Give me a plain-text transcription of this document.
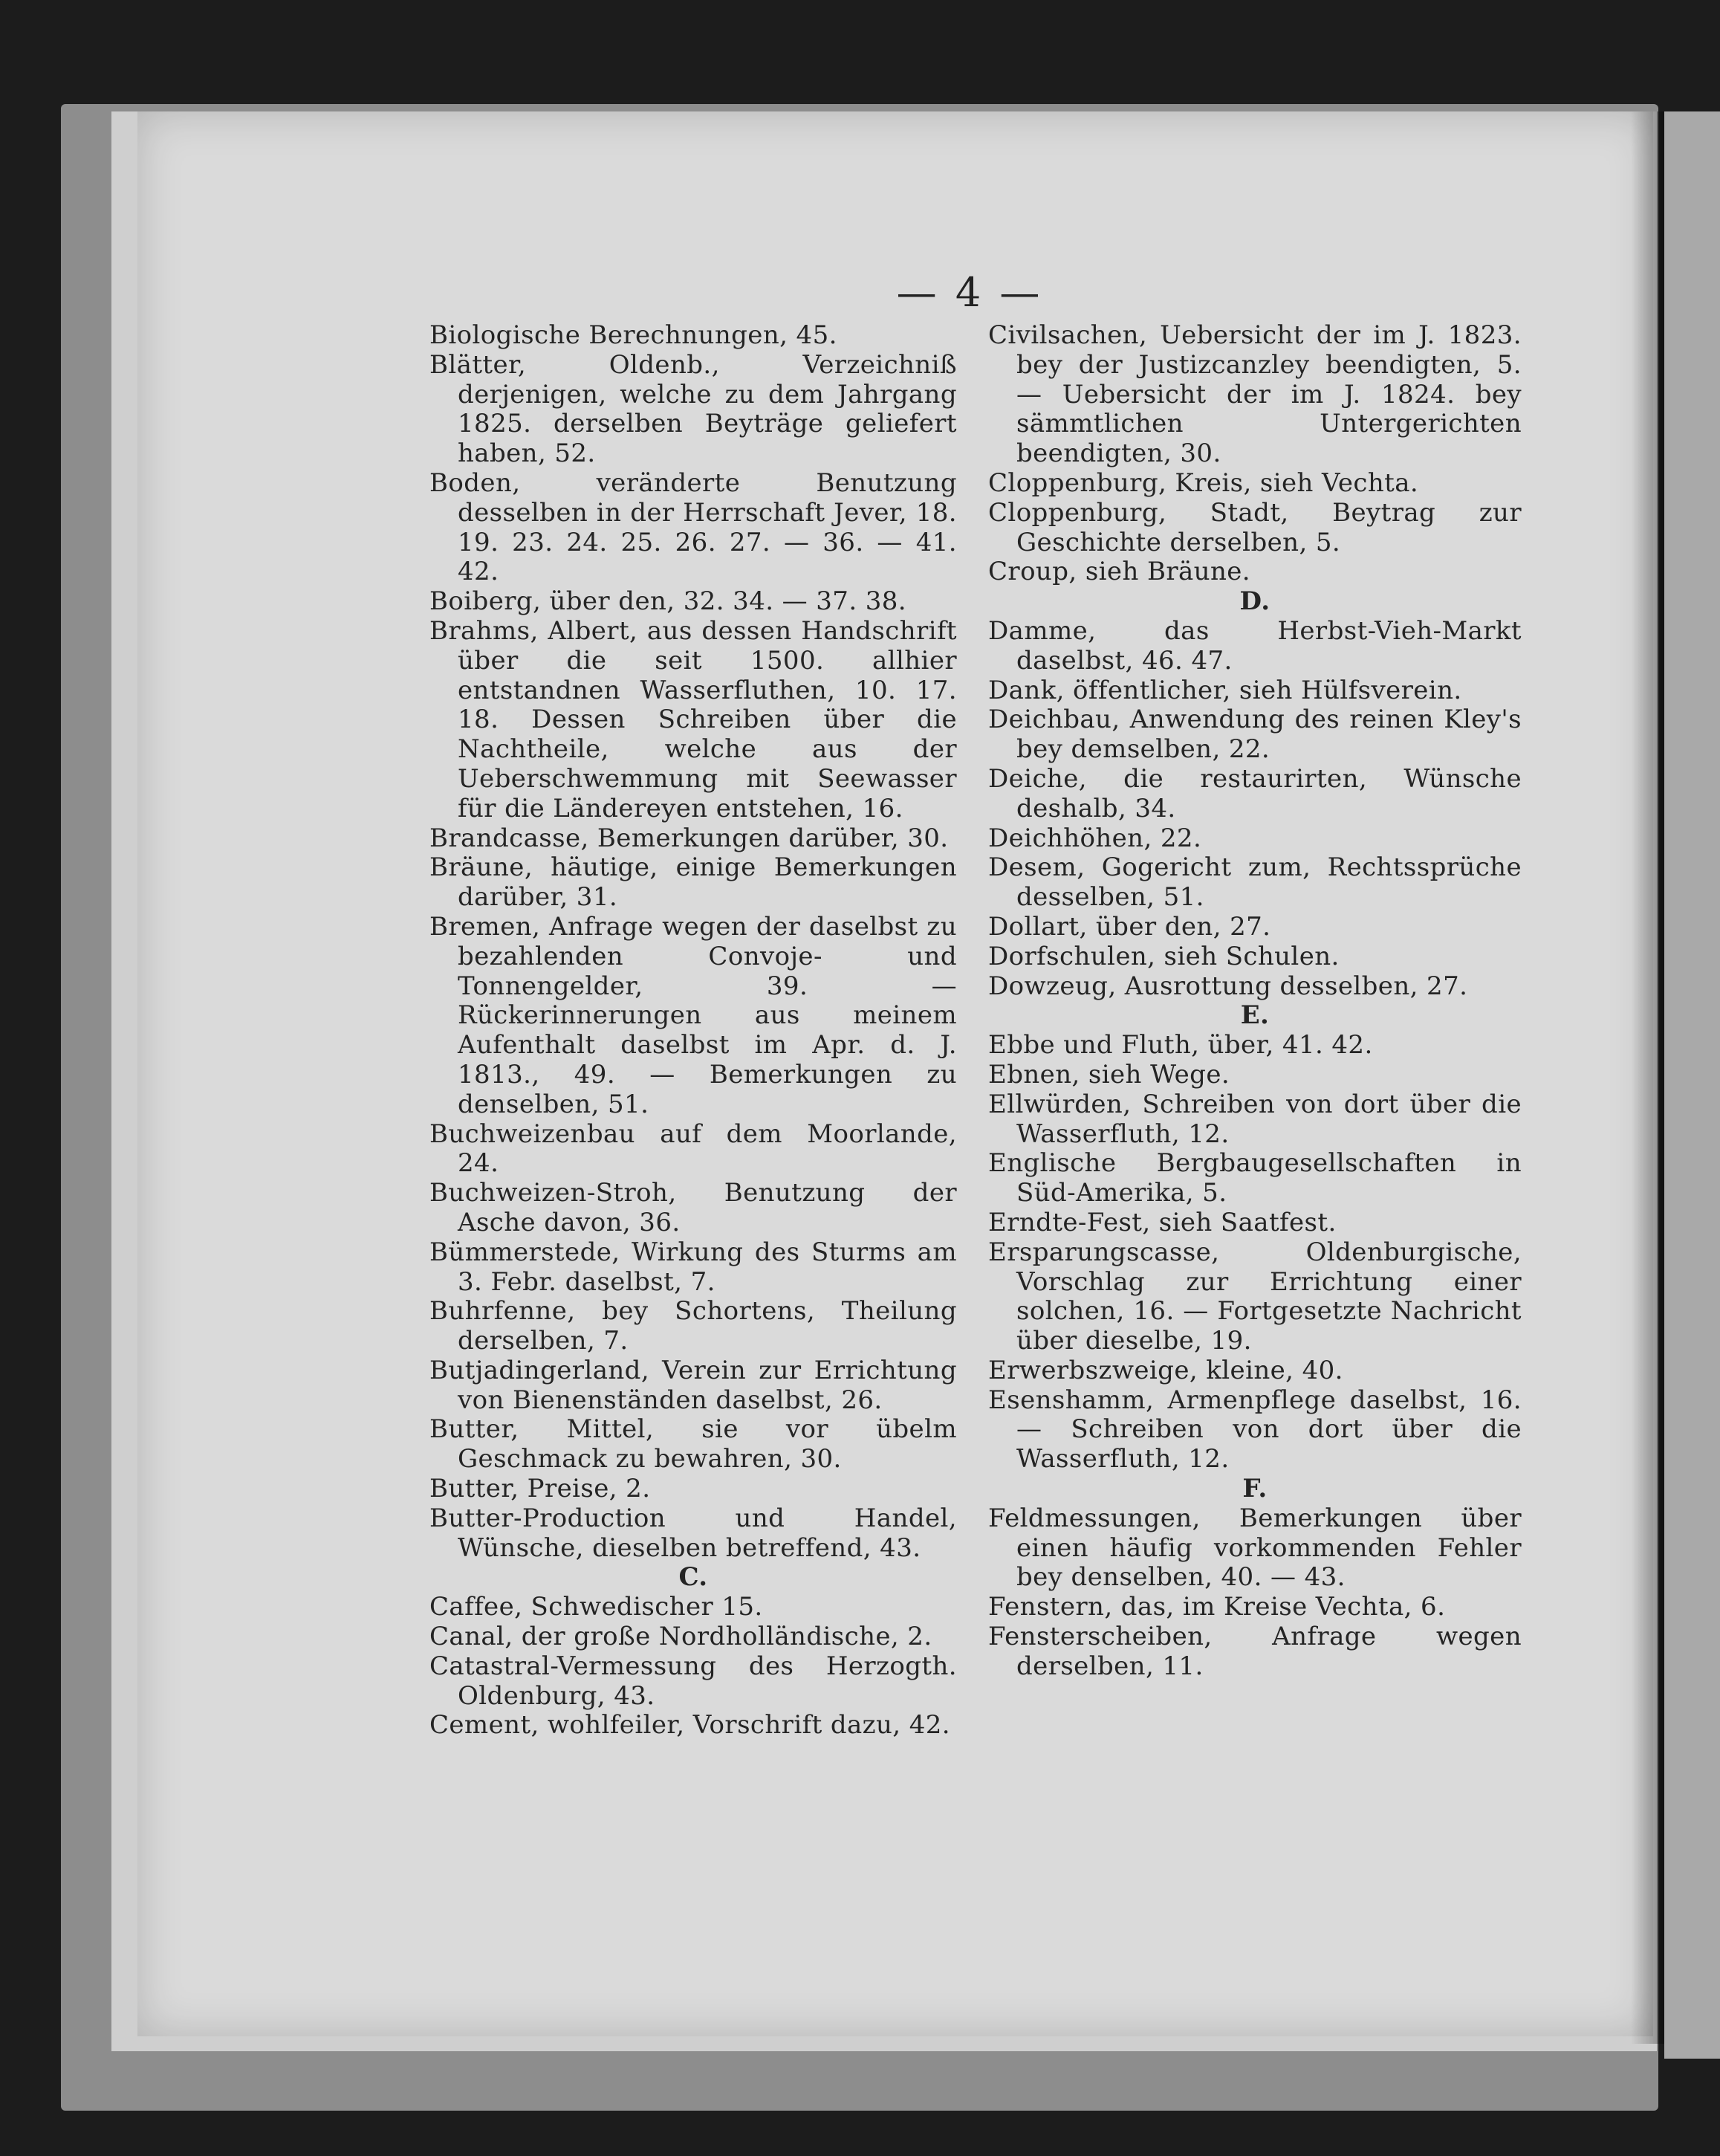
— 4 —
Biologische Berechnungen, 45.
Blätter, Oldenb., Verzeichniß derjenigen, welche zu dem Jahrgang 1825. derselben Beyträge geliefert haben, 52.
Boden, veränderte Benutzung desselben in der Herrschaft Jever, 18. 19. 23. 24. 25. 26. 27. — 36. — 41. 42.
Boiberg, über den, 32. 34. — 37. 38.
Brahms, Albert, aus dessen Handschrift über die seit 1500. allhier entstandnen Wasserfluthen, 10. 17. 18. Dessen Schreiben über die Nachtheile, welche aus der Ueberschwemmung mit Seewasser für die Ländereyen entstehen, 16.
Brandcasse, Bemerkungen darüber, 30.
Bräune, häutige, einige Bemerkungen darüber, 31.
Bremen, Anfrage wegen der daselbst zu bezahlenden Convoje- und Tonnengelder, 39. — Rückerinnerungen aus meinem Aufenthalt daselbst im Apr. d. J. 1813., 49. — Bemerkungen zu denselben, 51.
Buchweizenbau auf dem Moorlande, 24.
Buchweizen-Stroh, Benutzung der Asche davon, 36.
Bümmerstede, Wirkung des Sturms am 3. Febr. daselbst, 7.
Buhrfenne, bey Schortens, Theilung derselben, 7.
Butjadingerland, Verein zur Errichtung von Bienenständen daselbst, 26.
Butter, Mittel, sie vor übelm Geschmack zu bewahren, 30.
Butter, Preise, 2.
Butter-Production und Handel, Wünsche, dieselben betreffend, 43.
C.
Caffee, Schwedischer 15.
Canal, der große Nordholländische, 2.
Catastral-Vermessung des Herzogth. Oldenburg, 43.
Cement, wohlfeiler, Vorschrift dazu, 42.
Civilsachen, Uebersicht der im J. 1823. bey der Justizcanzley beendigten, 5. — Uebersicht der im J. 1824. bey sämmtlichen Untergerichten beendigten, 30.
Cloppenburg, Kreis, sieh Vechta.
Cloppenburg, Stadt, Beytrag zur Geschichte derselben, 5.
Croup, sieh Bräune.
D.
Damme, das Herbst-Vieh-Markt daselbst, 46. 47.
Dank, öffentlicher, sieh Hülfsverein.
Deichbau, Anwendung des reinen Kley's bey demselben, 22.
Deiche, die restaurirten, Wünsche deshalb, 34.
Deichhöhen, 22.
Desem, Gogericht zum, Rechtssprüche desselben, 51.
Dollart, über den, 27.
Dorfschulen, sieh Schulen.
Dowzeug, Ausrottung desselben, 27.
E.
Ebbe und Fluth, über, 41. 42.
Ebnen, sieh Wege.
Ellwürden, Schreiben von dort über die Wasserfluth, 12.
Englische Bergbaugesellschaften in Süd-Amerika, 5.
Erndte-Fest, sieh Saatfest.
Ersparungscasse, Oldenburgische, Vorschlag zur Errichtung einer solchen, 16. — Fortgesetzte Nachricht über dieselbe, 19.
Erwerbszweige, kleine, 40.
Esenshamm, Armenpflege daselbst, 16. — Schreiben von dort über die Wasserfluth, 12.
F.
Feldmessungen, Bemerkungen über einen häufig vorkommenden Fehler bey denselben, 40. — 43.
Fenstern, das, im Kreise Vechta, 6.
Fensterscheiben, Anfrage wegen derselben, 11.
